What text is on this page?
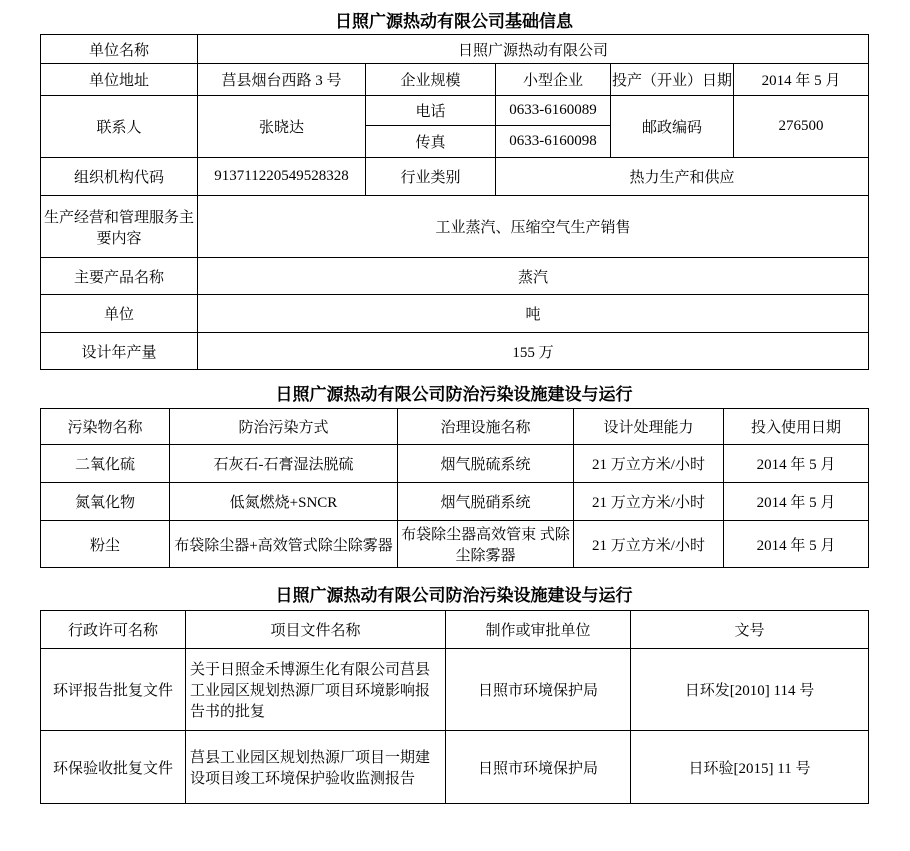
日照广源热动有限公司基础信息
单位名称	日照广源热动有限公司				
单位地址	莒县烟台西路 3 号	企业规模	小型企业	投产（开业）日期	2014 年 5 月
联系人	张晓达	电话	0633-6160089	邮政编码	276500
		传真	0633-6160098		
组织机构代码	913711220549528328	行业类别	热力生产和供应		
生产经营和管理服务主要内容	工业蒸汽、压缩空气生产销售				
主要产品名称	蒸汽				
单位	吨				
设计年产量	155 万				
日照广源热动有限公司防治污染设施建设与运行
污染物名称	防治污染方式	治理设施名称	设计处理能力	投入使用日期
二氧化硫	石灰石-石膏湿法脱硫	烟气脱硫系统	21 万立方米/小时	2014 年 5 月
氮氧化物	低氮燃烧+SNCR	烟气脱硝系统	21 万立方米/小时	2014 年 5 月
粉尘	布袋除尘器+高效管式除尘除雾器	布袋除尘器高效管束 式除尘除雾器	21 万立方米/小时	2014 年 5 月
日照广源热动有限公司防治污染设施建设与运行
行政许可名称	项目文件名称	制作或审批单位	文号
环评报告批复文件	关于日照金禾博源生化有限公司莒县 工业园区规划热源厂项目环境影响报 告书的批复	日照市环境保护局	日环发[2010] 114 号
环保验收批复文件	莒县工业园区规划热源厂项目一期建 设项目竣工环境保护验收监测报告	日照市环境保护局	日环验[2015] 11 号
